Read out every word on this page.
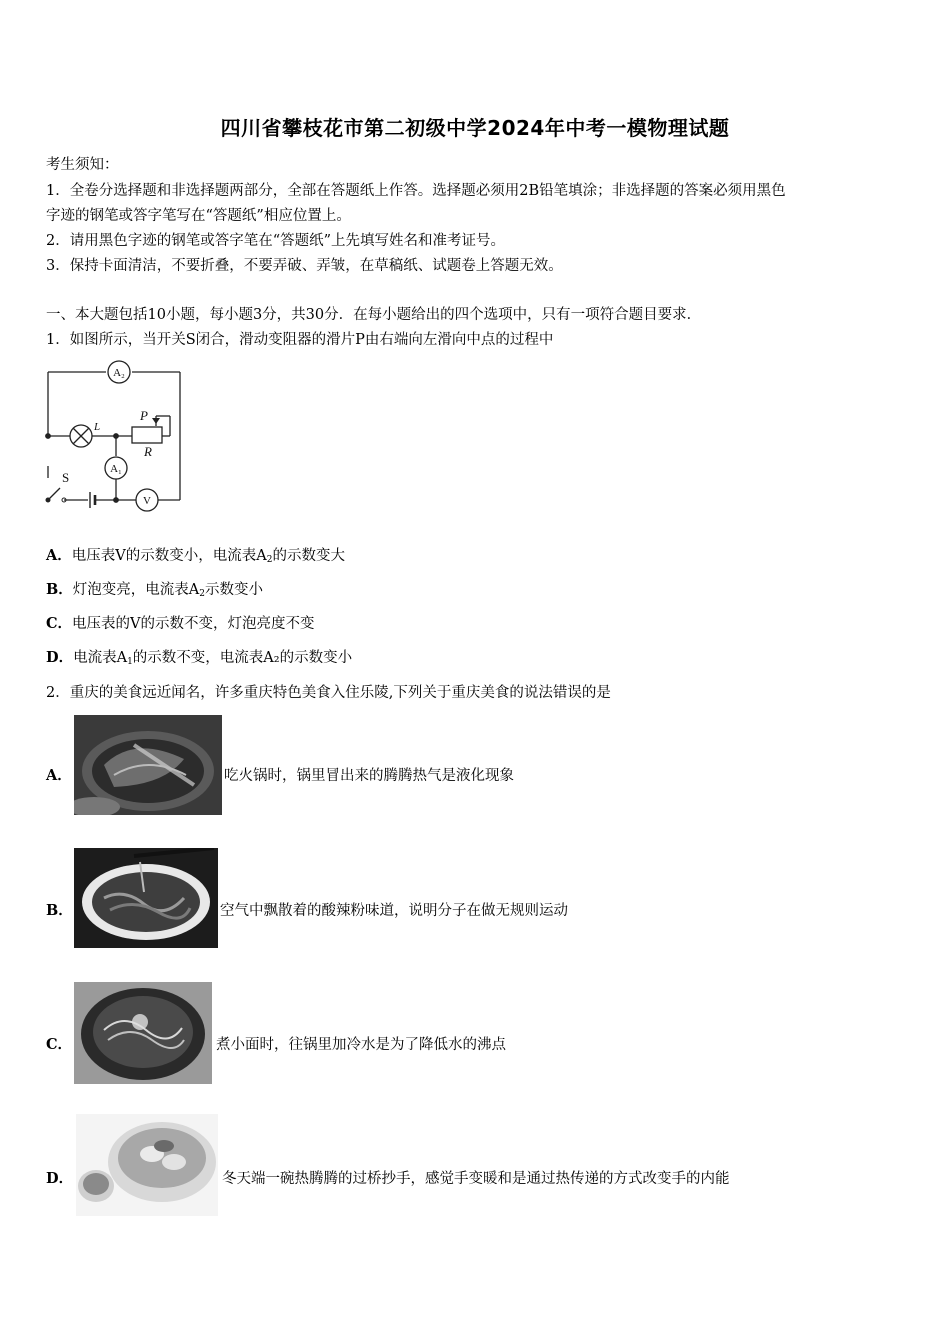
四川省攀枝花市第二初级中学2024年中考一模物理试题
考生须知：
1．全卷分选择题和非选择题两部分，全部在答题纸上作答。选择题必须用2B铅笔填涂；非选择题的答案必须用黑色
字迹的钢笔或答字笔写在“答题纸”相应位置上。
2．请用黑色字迹的钢笔或答字笔在“答题纸”上先填写姓名和准考证号。
3．保持卡面清洁，不要折叠，不要弄破、弄皱，在草稿纸、试题卷上答题无效。
一、本大题包括10小题，每小题3分，共30分．在每小题给出的四个选项中，只有一项符合题目要求．
1．如图所示，当开关S闭合，滑动变阻器的滑片P由右端向左滑向中点的过程中
A₂
A₁
V
L
P
R
S
A．电压表V的示数变小，电流表$A_2$的示数变大
B．灯泡变亮，电流表$A_2$示数变小
C．电压表的V的示数不变，灯泡亮度不变
D．电流表$A_1$的示数不变，电流表A₂的示数变小
2．重庆的美食远近闻名，许多重庆特色美食入住乐陵,下列关于重庆美食的说法错误的是
A．	吃火锅时，锅里冒出来的腾腾热气是液化现象
B．	空气中飘散着的酸辣粉味道，说明分子在做无规则运动
C．	煮小面时，往锅里加冷水是为了降低水的沸点
D．	冬天端一碗热腾腾的过桥抄手，感觉手变暖和是通过热传递的方式改变手的内能
